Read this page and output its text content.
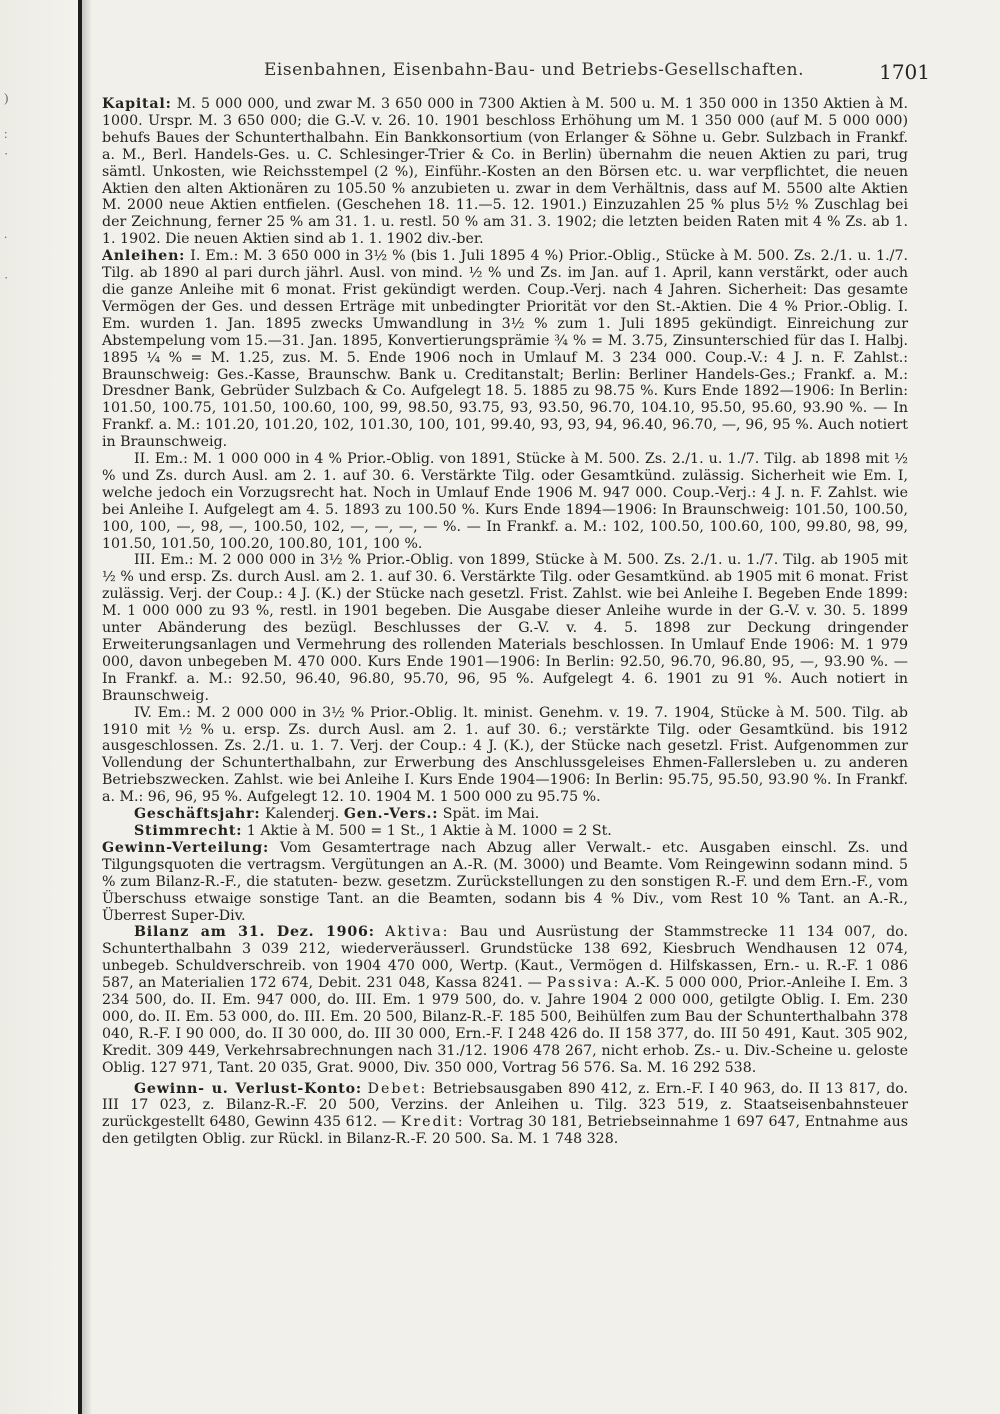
)
:
·
.
·
Eisenbahnen, Eisenbahn-Bau- und Betriebs-Gesellschaften.	1701

Kapital: M. 5 000 000, und zwar M. 3 650 000 in 7300 Aktien à M. 500 u. M. 1 350 000 in 1350 Aktien à M. 1000. Urspr. M. 3 650 000; die G.-V. v. 26. 10. 1901 beschloss Erhöhung um M. 1 350 000 (auf M. 5 000 000) behufs Baues der Schunterthalbahn. Ein Bankkonsortium (von Erlanger & Söhne u. Gebr. Sulzbach in Frankf. a. M., Berl. Handels-Ges. u. C. Schlesinger-Trier & Co. in Berlin) übernahm die neuen Aktien zu pari, trug sämtl. Unkosten, wie Reichsstempel (2 %), Einführ.-Kosten an den Börsen etc. u. war verpflichtet, die neuen Aktien den alten Aktionären zu 105.50 % anzubieten u. zwar in dem Verhältnis, dass auf M. 5500 alte Aktien M. 2000 neue Aktien entfielen. (Geschehen 18. 11.—5. 12. 1901.) Einzuzahlen 25 % plus 5½ % Zuschlag bei der Zeichnung, ferner 25 % am 31. 1. u. restl. 50 % am 31. 3. 1902; die letzten beiden Raten mit 4 % Zs. ab 1. 1. 1902. Die neuen Aktien sind ab 1. 1. 1902 div.-ber.

Anleihen: I. Em.: M. 3 650 000 in 3½ % (bis 1. Juli 1895 4 %) Prior.-Oblig., Stücke à M. 500. Zs. 2./1. u. 1./7. Tilg. ab 1890 al pari durch jährl. Ausl. von mind. ½ % und Zs. im Jan. auf 1. April, kann verstärkt, oder auch die ganze Anleihe mit 6 monat. Frist gekündigt werden. Coup.-Verj. nach 4 Jahren. Sicherheit: Das gesamte Vermögen der Ges. und dessen Erträge mit unbedingter Priorität vor den St.-Aktien. Die 4 % Prior.-Oblig. I. Em. wurden 1. Jan. 1895 zwecks Umwandlung in 3½ % zum 1. Juli 1895 gekündigt. Einreichung zur Abstempelung vom 15.—31. Jan. 1895, Konvertierungsprämie ¾ % = M. 3.75, Zinsunterschied für das I. Halbj. 1895 ¼ % = M. 1.25, zus. M. 5. Ende 1906 noch in Umlauf M. 3 234 000. Coup.-V.: 4 J. n. F. Zahlst.: Braunschweig: Ges.-Kasse, Braunschw. Bank u. Creditanstalt; Berlin: Berliner Handels-Ges.; Frankf. a. M.: Dresdner Bank, Gebrüder Sulzbach & Co. Aufgelegt 18. 5. 1885 zu 98.75 %. Kurs Ende 1892—1906: In Berlin: 101.50, 100.75, 101.50, 100.60, 100, 99, 98.50, 93.75, 93, 93.50, 96.70, 104.10, 95.50, 95.60, 93.90 %. — In Frankf. a. M.: 101.20, 101.20, 102, 101.30, 100, 101, 99.40, 93, 93, 94, 96.40, 96.70, —, 96, 95 %. Auch notiert in Braunschweig.

II. Em.: M. 1 000 000 in 4 % Prior.-Oblig. von 1891, Stücke à M. 500. Zs. 2./1. u. 1./7. Tilg. ab 1898 mit ½ % und Zs. durch Ausl. am 2. 1. auf 30. 6. Verstärkte Tilg. oder Gesamtkünd. zulässig. Sicherheit wie Em. I, welche jedoch ein Vorzugsrecht hat. Noch in Umlauf Ende 1906 M. 947 000. Coup.-Verj.: 4 J. n. F. Zahlst. wie bei Anleihe I. Aufgelegt am 4. 5. 1893 zu 100.50 %. Kurs Ende 1894—1906: In Braunschweig: 101.50, 100.50, 100, 100, —, 98, —, 100.50, 102, —, —, —, — %. — In Frankf. a. M.: 102, 100.50, 100.60, 100, 99.80, 98, 99, 101.50, 101.50, 100.20, 100.80, 101, 100 %.

III. Em.: M. 2 000 000 in 3½ % Prior.-Oblig. von 1899, Stücke à M. 500. Zs. 2./1. u. 1./7. Tilg. ab 1905 mit ½ % und ersp. Zs. durch Ausl. am 2. 1. auf 30. 6. Verstärkte Tilg. oder Gesamtkünd. ab 1905 mit 6 monat. Frist zulässig. Verj. der Coup.: 4 J. (K.) der Stücke nach gesetzl. Frist. Zahlst. wie bei Anleihe I. Begeben Ende 1899: M. 1 000 000 zu 93 %, restl. in 1901 begeben. Die Ausgabe dieser Anleihe wurde in der G.-V. v. 30. 5. 1899 unter Abänderung des bezügl. Beschlusses der G.-V. v. 4. 5. 1898 zur Deckung dringender Erweiterungsanlagen und Vermehrung des rollenden Materials beschlossen. In Umlauf Ende 1906: M. 1 979 000, davon unbegeben M. 470 000. Kurs Ende 1901—1906: In Berlin: 92.50, 96.70, 96.80, 95, —, 93.90 %. — In Frankf. a. M.: 92.50, 96.40, 96.80, 95.70, 96, 95 %. Aufgelegt 4. 6. 1901 zu 91 %. Auch notiert in Braunschweig.

IV. Em.: M. 2 000 000 in 3½ % Prior.-Oblig. lt. minist. Genehm. v. 19. 7. 1904, Stücke à M. 500. Tilg. ab 1910 mit ½ % u. ersp. Zs. durch Ausl. am 2. 1. auf 30. 6.; verstärkte Tilg. oder Gesamtkünd. bis 1912 ausgeschlossen. Zs. 2./1. u. 1. 7. Verj. der Coup.: 4 J. (K.), der Stücke nach gesetzl. Frist. Aufgenommen zur Vollendung der Schunterthalbahn, zur Erwerbung des Anschlussgeleises Ehmen-Fallersleben u. zu anderen Betriebszwecken. Zahlst. wie bei Anleihe I. Kurs Ende 1904—1906: In Berlin: 95.75, 95.50, 93.90 %. In Frankf. a. M.: 96, 96, 95 %. Aufgelegt 12. 10. 1904 M. 1 500 000 zu 95.75 %.

Geschäftsjahr: Kalenderj. Gen.-Vers.: Spät. im Mai.

Stimmrecht: 1 Aktie à M. 500 = 1 St., 1 Aktie à M. 1000 = 2 St.

Gewinn-Verteilung: Vom Gesamtertrage nach Abzug aller Verwalt.- etc. Ausgaben einschl. Zs. und Tilgungsquoten die vertragsm. Vergütungen an A.-R. (M. 3000) und Beamte. Vom Reingewinn sodann mind. 5 % zum Bilanz-R.-F., die statuten- bezw. gesetzm. Zurückstellungen zu den sonstigen R.-F. und dem Ern.-F., vom Überschuss etwaige sonstige Tant. an die Beamten, sodann bis 4 % Div., vom Rest 10 % Tant. an A.-R., Überrest Super-Div.

Bilanz am 31. Dez. 1906: Aktiva: Bau und Ausrüstung der Stammstrecke 11 134 007, do. Schunterthalbahn 3 039 212, wiederveräusserl. Grundstücke 138 692, Kiesbruch Wendhausen 12 074, unbegeb. Schuldverschreib. von 1904 470 000, Wertp. (Kaut., Vermögen d. Hilfskassen, Ern.- u. R.-F. 1 086 587, an Materialien 172 674, Debit. 231 048, Kassa 8241. — Passiva: A.-K. 5 000 000, Prior.-Anleihe I. Em. 3 234 500, do. II. Em. 947 000, do. III. Em. 1 979 500, do. v. Jahre 1904 2 000 000, getilgte Oblig. I. Em. 230 000, do. II. Em. 53 000, do. III. Em. 20 500, Bilanz-R.-F. 185 500, Beihülfen zum Bau der Schunterthalbahn 378 040, R.-F. I 90 000, do. II 30 000, do. III 30 000, Ern.-F. I 248 426 do. II 158 377, do. III 50 491, Kaut. 305 902, Kredit. 309 449, Verkehrsabrechnungen nach 31./12. 1906 478 267, nicht erhob. Zs.- u. Div.-Scheine u. geloste Oblig. 127 971, Tant. 20 035, Grat. 9000, Div. 350 000, Vortrag 56 576. Sa. M. 16 292 538.

Gewinn- u. Verlust-Konto: Debet: Betriebsausgaben 890 412, z. Ern.-F. I 40 963, do. II 13 817, do. III 17 023, z. Bilanz-R.-F. 20 500, Verzins. der Anleihen u. Tilg. 323 519, z. Staatseisenbahnsteuer zurückgestellt 6480, Gewinn 435 612. — Kredit: Vortrag 30 181, Betriebseinnahme 1 697 647, Entnahme aus den getilgten Oblig. zur Rückl. in Bilanz-R.-F. 20 500. Sa. M. 1 748 328.
